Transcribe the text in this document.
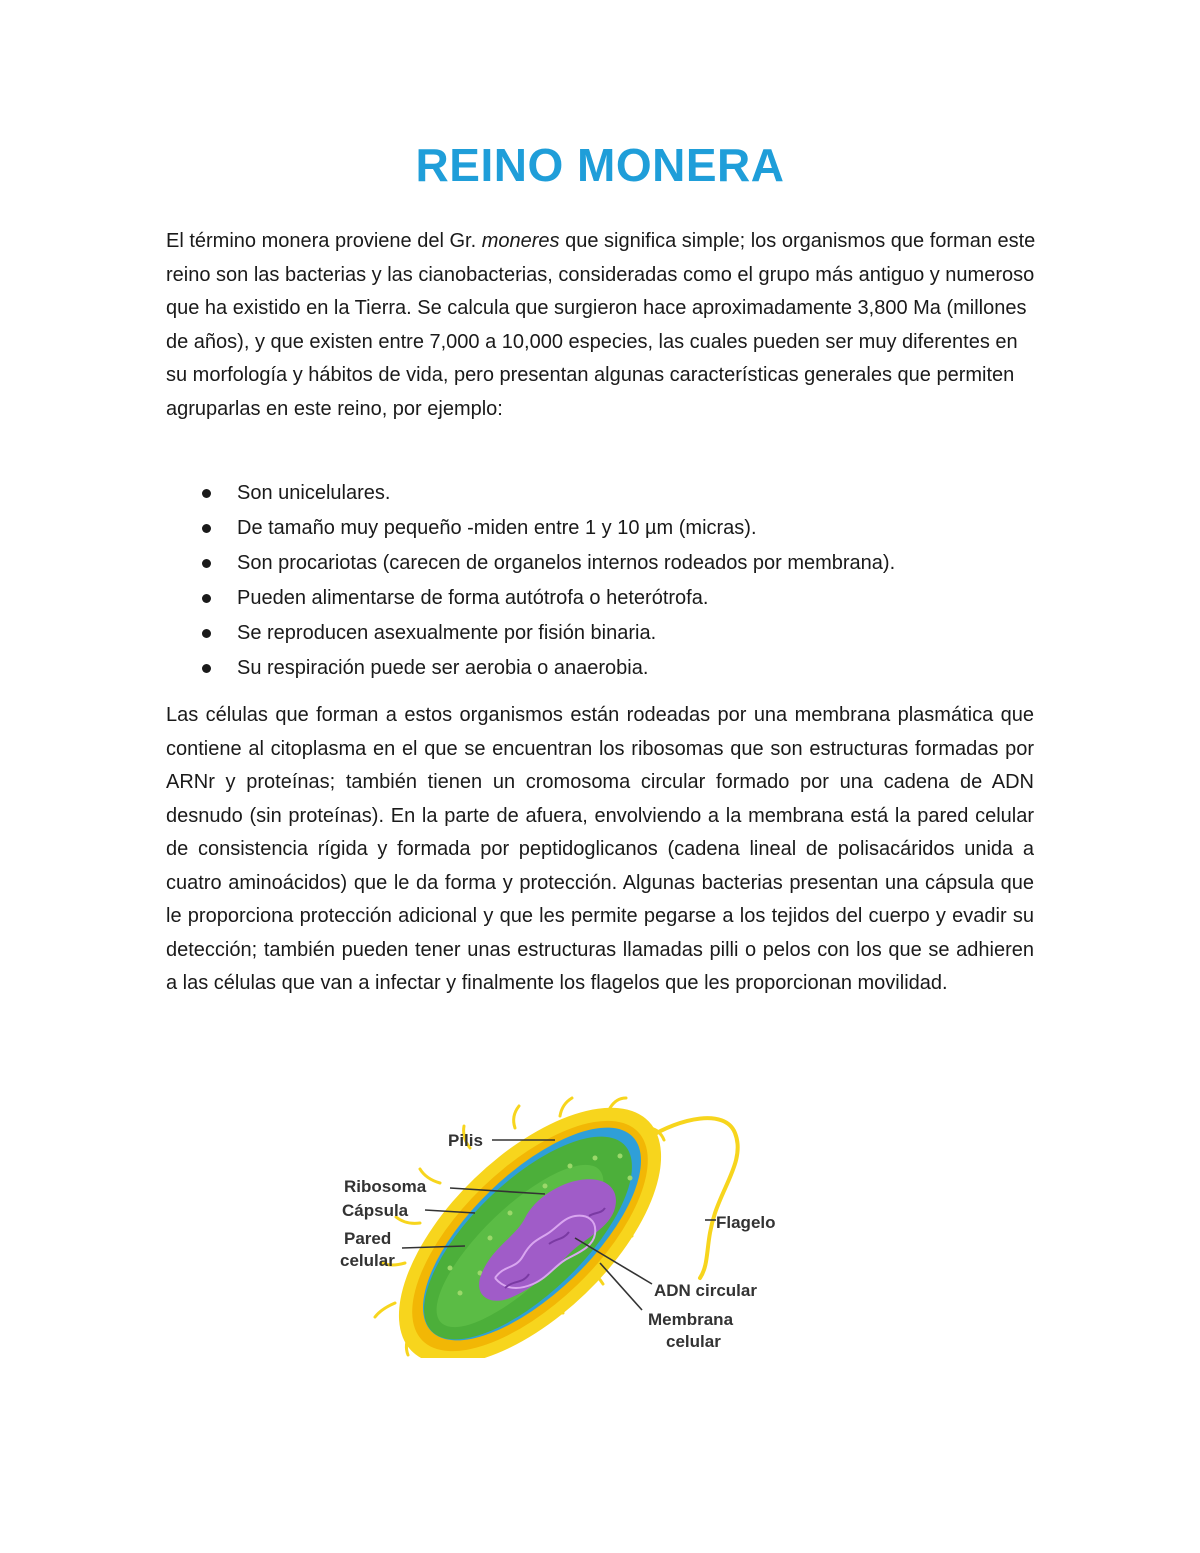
REINO MONERA

El término monera proviene del Gr. moneres que significa simple; los organismos que forman este reino son las bacterias y las cianobacterias, consideradas como el grupo más antiguo y numeroso que ha existido en la Tierra. Se calcula que surgieron hace aproximadamente 3,800 Ma (millones de años), y que existen entre 7,000 a 10,000 especies, las cuales pueden ser muy diferentes en su morfología y hábitos de vida, pero presentan algunas características generales que permiten agruparlas en este reino, por ejemplo:

Son unicelulares.
De tamaño muy pequeño -miden entre 1 y 10 µm (micras).
Son procariotas (carecen de organelos internos rodeados por membrana).
Pueden alimentarse de forma autótrofa o heterótrofa.
Se reproducen asexualmente por fisión binaria.
Su respiración puede ser aerobia o anaerobia.

Las células que forman a estos organismos están rodeadas por una membrana plasmática que contiene al citoplasma en el que se encuentran los ribosomas que son estructuras formadas por ARNr y proteínas; también tienen un cromosoma circular formado por una cadena de ADN desnudo (sin proteínas). En la parte de afuera, envolviendo a la membrana está la pared celular de consistencia rígida y formada por peptidoglicanos (cadena lineal de polisacáridos unida a cuatro aminoácidos) que le da forma y protección. Algunas bacterias presentan una cápsula que le proporciona protección adicional y que les permite pegarse a los tejidos del cuerpo y evadir su detección; también pueden tener unas estructuras llamadas pilli o pelos con los que se adhieren a las células que van a infectar y finalmente los flagelos que les proporcionan movilidad.

Pilis
Ribosoma
Cápsula
Pared
celular
Flagelo
ADN circular
Membrana
celular
